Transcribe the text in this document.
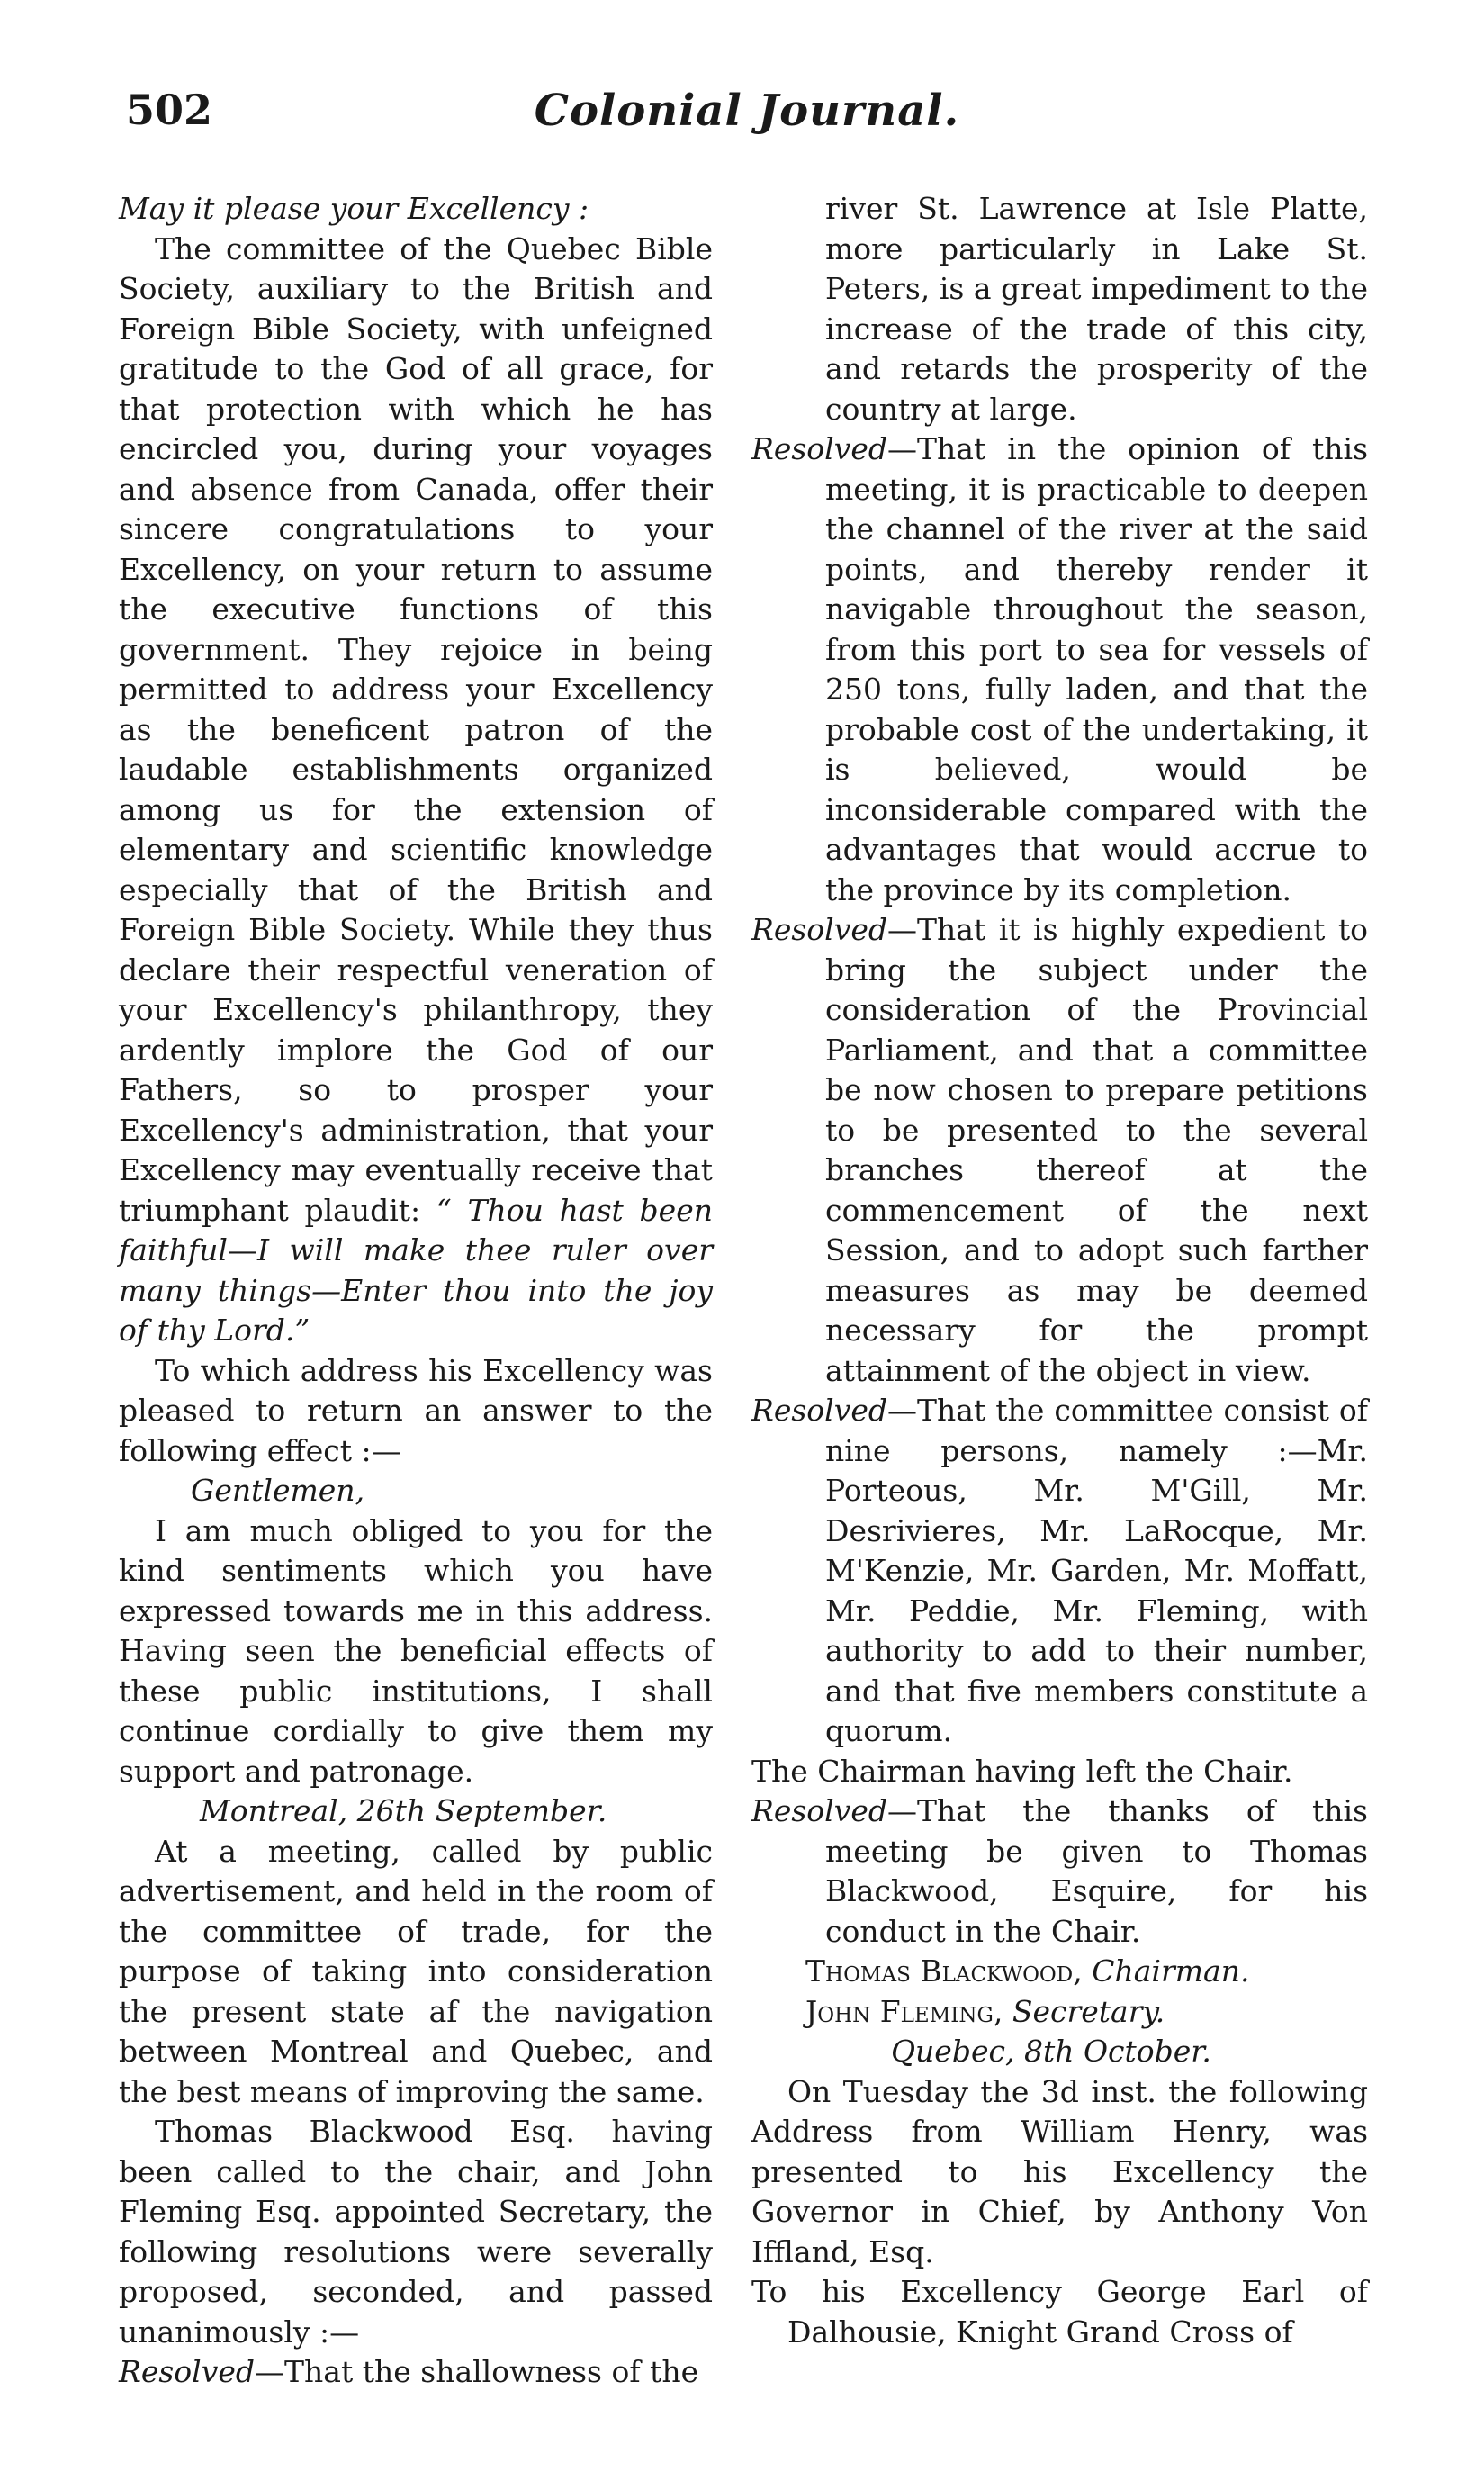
502	Colonial Journal.
May it please your Excellency :
The committee of the Quebec Bible Society, auxiliary to the British and Foreign Bible Society, with unfeigned gratitude to the God of all grace, for that protection with which he has encircled you, during your voyages and absence from Canada, offer their sincere congratulations to your Excellency, on your return to assume the executive functions of this government. They rejoice in being permitted to address your Excellency as the beneficent patron of the laudable establishments organized among us for the extension of elementary and scientific knowledge especially that of the British and Foreign Bible Society. While they thus declare their respectful veneration of your Excellency's philanthropy, they ardently implore the God of our Fathers, so to prosper your Excellency's administration, that your Excellency may eventually receive that triumphant plaudit: “ Thou hast been faithful—I will make thee ruler over many things—Enter thou into the joy of thy Lord.”
To which address his Excellency was pleased to return an answer to the following effect :—
Gentlemen,
I am much obliged to you for the kind sentiments which you have expressed towards me in this address. Having seen the beneficial effects of these public institutions, I shall continue cordially to give them my support and patronage.
Montreal, 26th September.
At a meeting, called by public advertisement, and held in the room of the committee of trade, for the purpose of taking into consideration the present state af the navigation between Montreal and Quebec, and the best means of improving the same.
Thomas Blackwood Esq. having been called to the chair, and John Fleming Esq. appointed Secretary, the following resolutions were severally proposed, seconded, and passed unanimously :—
Resolved—That the shallowness of the
river St. Lawrence at Isle Platte, more particularly in Lake St. Peters, is a great impediment to the increase of the trade of this city, and retards the prosperity of the country at large.
Resolved—That in the opinion of this meeting, it is practicable to deepen the channel of the river at the said points, and thereby render it navigable throughout the season, from this port to sea for vessels of 250 tons, fully laden, and that the probable cost of the undertaking, it is believed, would be inconsiderable compared with the advantages that would accrue to the province by its completion.
Resolved—That it is highly expedient to bring the subject under the consideration of the Provincial Parliament, and that a committee be now chosen to prepare petitions to be presented to the several branches thereof at the commencement of the next Session, and to adopt such farther measures as may be deemed necessary for the prompt attainment of the object in view.
Resolved—That the committee consist of nine persons, namely :—Mr. Porteous, Mr. M'Gill, Mr. Desrivieres, Mr. LaRocque, Mr. M'Kenzie, Mr. Garden, Mr. Moffatt, Mr. Peddie, Mr. Fleming, with authority to add to their number, and that five members constitute a quorum.
The Chairman having left the Chair.
Resolved—That the thanks of this meeting be given to Thomas Blackwood, Esquire, for his conduct in the Chair.
Thomas Blackwood, Chairman.
John Fleming, Secretary.
Quebec, 8th October.
On Tuesday the 3d inst. the following Address from William Henry, was presented to his Excellency the Governor in Chief, by Anthony Von Iffland, Esq.
To his Excellency George Earl of Dalhousie, Knight Grand Cross of
